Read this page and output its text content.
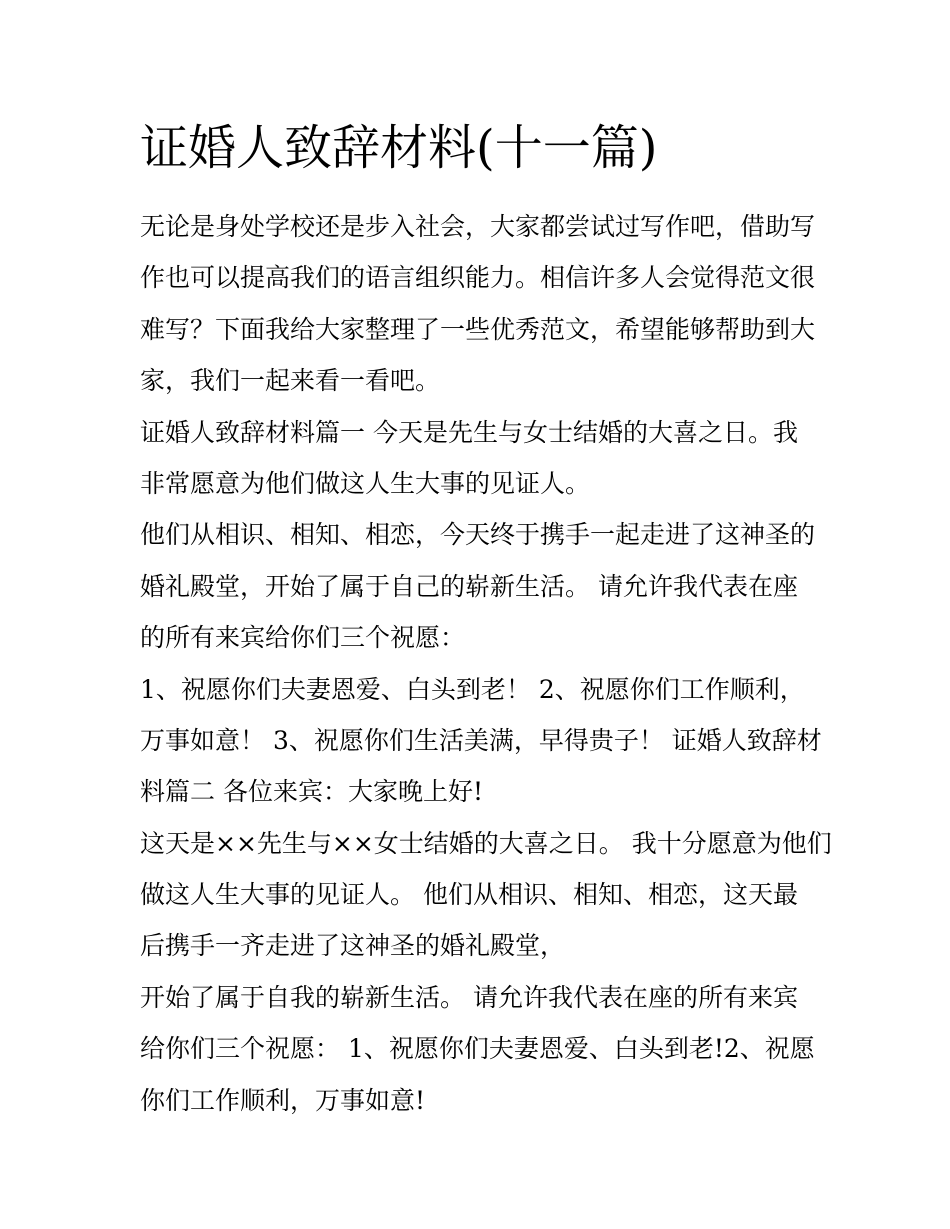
证婚人致辞材料(十一篇)
无论是身处学校还是步入社会，大家都尝试过写作吧，借助写
作也可以提高我们的语言组织能力。相信许多人会觉得范文很
难写？下面我给大家整理了一些优秀范文，希望能够帮助到大
家，我们一起来看一看吧。
证婚人致辞材料篇一 今天是先生与女士结婚的大喜之日。我
非常愿意为他们做这人生大事的见证人。
他们从相识、相知、相恋，今天终于携手一起走进了这神圣的
婚礼殿堂，开始了属于自己的崭新生活。 请允许我代表在座
的所有来宾给你们三个祝愿：
1、祝愿你们夫妻恩爱、白头到老！ 2、祝愿你们工作顺利，
万事如意！ 3、祝愿你们生活美满，早得贵子！ 证婚人致辞材
料篇二 各位来宾：大家晚上好!
这天是××先生与××女士结婚的大喜之日。 我十分愿意为他们
做这人生大事的见证人。 他们从相识、相知、相恋，这天最
后携手一齐走进了这神圣的婚礼殿堂，
开始了属于自我的崭新生活。 请允许我代表在座的所有来宾
给你们三个祝愿： 1、祝愿你们夫妻恩爱、白头到老!2、祝愿
你们工作顺利，万事如意!
